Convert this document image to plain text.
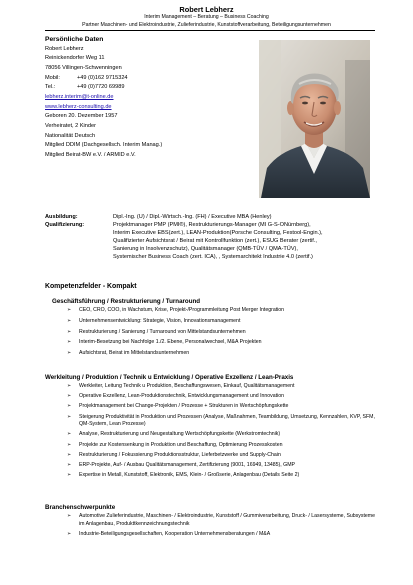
Robert Lebherz
Interim Management – Beratung – Business Coaching
Partner Maschinen- und Elektroindustrie, Zulieferindustrie, Kunststoffverarbeitung, Beteiligungsunternehmen
Persönliche Daten
Robert Lebherz
Reinickendorfer Weg 11
78056 Villingen-Schwenningen
Mobil:	+49 (0)162 9715324
Tel.:	+49 (0)7720 69989
lebherz.interim@t-online.de
www.lebherz-consulting.de
Geboren 20. Dezember 1957
Verheiratet, 2 Kinder
Nationalität Deutsch
Mitglied DDIM (Dachgesellsch. Interim Manag.)
Mitglied Beirat-BW e.V. / ARMID e.V.
Ausbildung:	Dipl.-Ing. (U) / Dipl.-Wirtsch.-Ing. (FH) / Executive MBA (Henley)
Qualifizierung:	Projektmanager PMP (PMI®), Restrukturierungs-Manager (MI G-S-ONürnberg),
Interim Executive EBS(zert.), LEAN-Produktion(Porsche Consulting, Festool-Engin.),
Qualifizierter Aufsichtsrat / Beirat mit Kontrollfunktion (zert.), ESUG Berater (zertif.,
Sanierung in Insolvenzschutz), Qualitätsmanager (QMB-TÜV / QMA-TÜV),
Systemischer Business Coach (zert. ICA), , Systemarchitekt Industrie 4.0 (zertif.)
Kompetenzfelder - Kompakt
Geschäftsführung / Restrukturierung / Turnaround
➢ CEO, CRO, COO, in Wachstum, Krise, Projekt-/Programmleitung Post Merger Integration
➢ Unternehmensentwicklung: Strategie, Vision, Innovationsmanagement
➢ Restrukturierung / Sanierung / Turnaround von Mittelstandsunternehmen
➢ Interim-Besetzung bei Nachfolge 1./2. Ebene, Personalwechsel, M&A Projekten
➢ Aufsichtsrat, Beirat im Mittelstandsunternehmen
Werkleitung / Produktion / Technik u Entwicklung / Operative Exzellenz / Lean-Praxis
➢ Werkleiter, Leitung Technik u Produktion, Beschaffungswesen, Einkauf, Qualitätsmanagement
➢ Operative Exzellenz, Lean-Produktionstechnik, Entwicklungsmanagement und Innovation
➢ Projektmanagement bei Change-Projekten / Prozesse + Strukturen in Wertschöpfungskette
➢ Steigerung Produktivität in Produktion und Prozessen (Analyse, Maßnahmen, Teambildung, Umsetzung, Kennzahlen, KVP, SFM, QM-System, Lean Prozesse)
➢ Analyse, Restrukturierung und Neugestaltung Wertschöpfungskette (Werkstromtechnik)
➢ Projekte zur Kostensenkung in Produktion und Beschaffung, Optimierung Prozesskosten
➢ Restrukturierung / Fokussierung Produktionsstruktur, Lieferbetzwerke und Supply-Chain
➢ ERP-Projekte, Auf- / Ausbau Qualitätsmanagement, Zertifizierung (9001, 16949, 13485), GMP
➢ Expertise in Metall, Kunststoff, Elektronik, EMS, Klein- / Großserie, Anlagenbau (Details Seite 2)
Branchenschwerpunkte
➢ Automotive Zulieferindustrie, Maschinen- / Elektroindustrie, Kunststoff / Gummiverarbeitung, Druck- / Lasersysteme, Subsysteme im Anlagenbau, Produkttkennzeichnungstechnik
➢ Industrie-Beteiligungsgesellschaften, Kooperation Unternehmensberatungen / M&A
